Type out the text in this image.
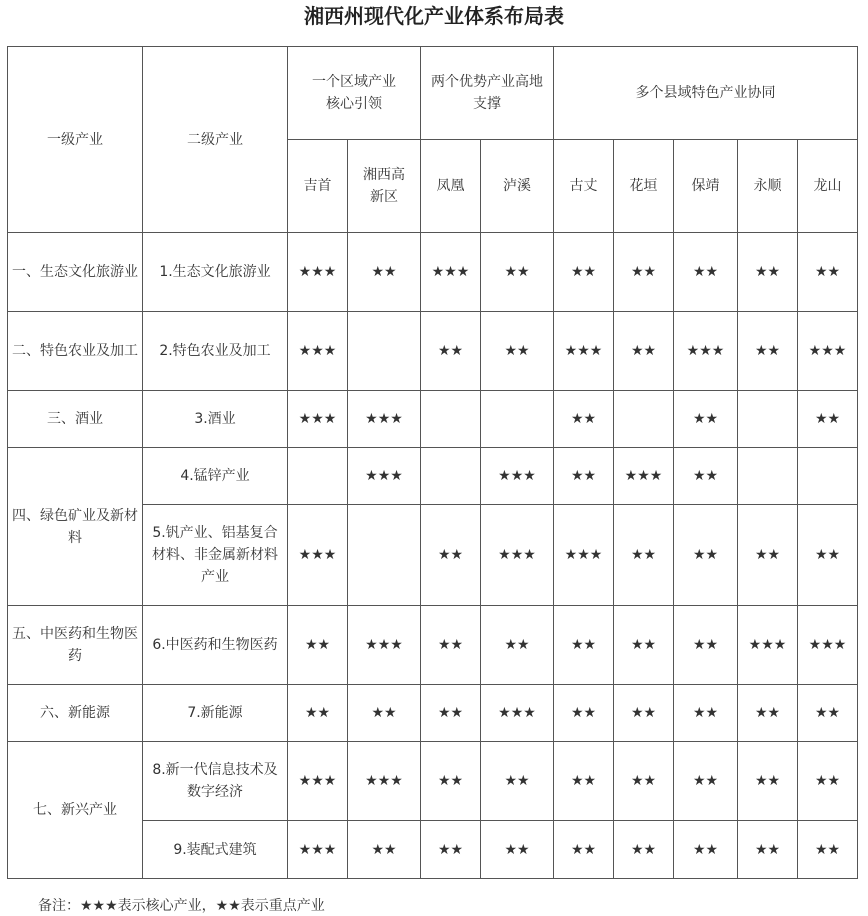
湘西州现代化产业体系布局表
一级产业	二级产业	一个区域产业核心引领		两个优势产业高地支撑		多个县域特色产业协同				
		吉首	湘西高新区	凤凰	泸溪	古丈	花垣	保靖	永顺	龙山
一、生态文化旅游业	1.生态文化旅游业	★★★	★★	★★★	★★	★★	★★	★★	★★	★★
二、特色农业及加工	2.特色农业及加工	★★★		★★	★★	★★★	★★	★★★	★★	★★★
三、酒业	3.酒业	★★★	★★★			★★		★★		★★
四、绿色矿业及新材料	4.锰锌产业		★★★		★★★	★★	★★★	★★		
	5.钒产业、铝基复合材料、非金属新材料产业	★★★		★★	★★★	★★★	★★	★★	★★	★★
五、中医药和生物医药	6.中医药和生物医药	★★	★★★	★★	★★	★★	★★	★★	★★★	★★★
六、新能源	7.新能源	★★	★★	★★	★★★	★★	★★	★★	★★	★★
七、新兴产业	8.新一代信息技术及数字经济	★★★	★★★	★★	★★	★★	★★	★★	★★	★★
	9.装配式建筑	★★★	★★	★★	★★	★★	★★	★★	★★	★★
备注：★★★表示核心产业，★★表示重点产业
